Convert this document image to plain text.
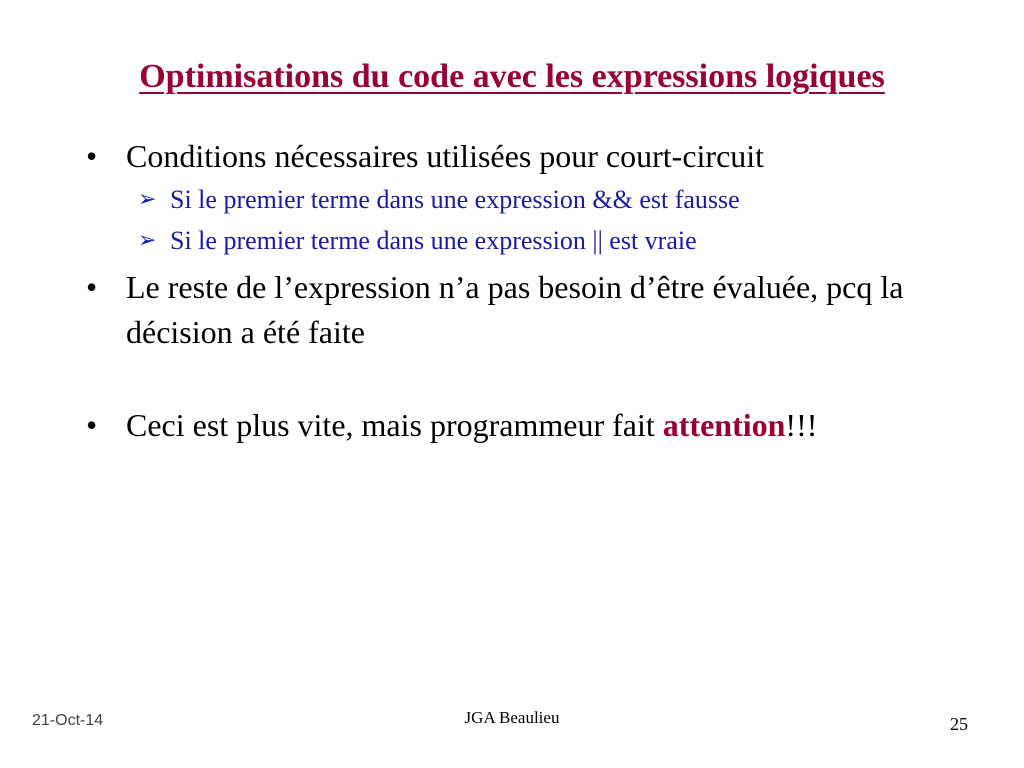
Optimisations du code avec les expressions logiques
• Conditions nécessaires utilisées pour court-circuit
➢ Si le premier terme dans une expression && est fausse
➢ Si le premier terme dans une expression || est vraie
• Le reste de l’expression n’a pas besoin d’être évaluée, pcq la décision a été faite
• Ceci est plus vite, mais programmeur fait attention!!!
21-Oct-14	JGA Beaulieu	25
